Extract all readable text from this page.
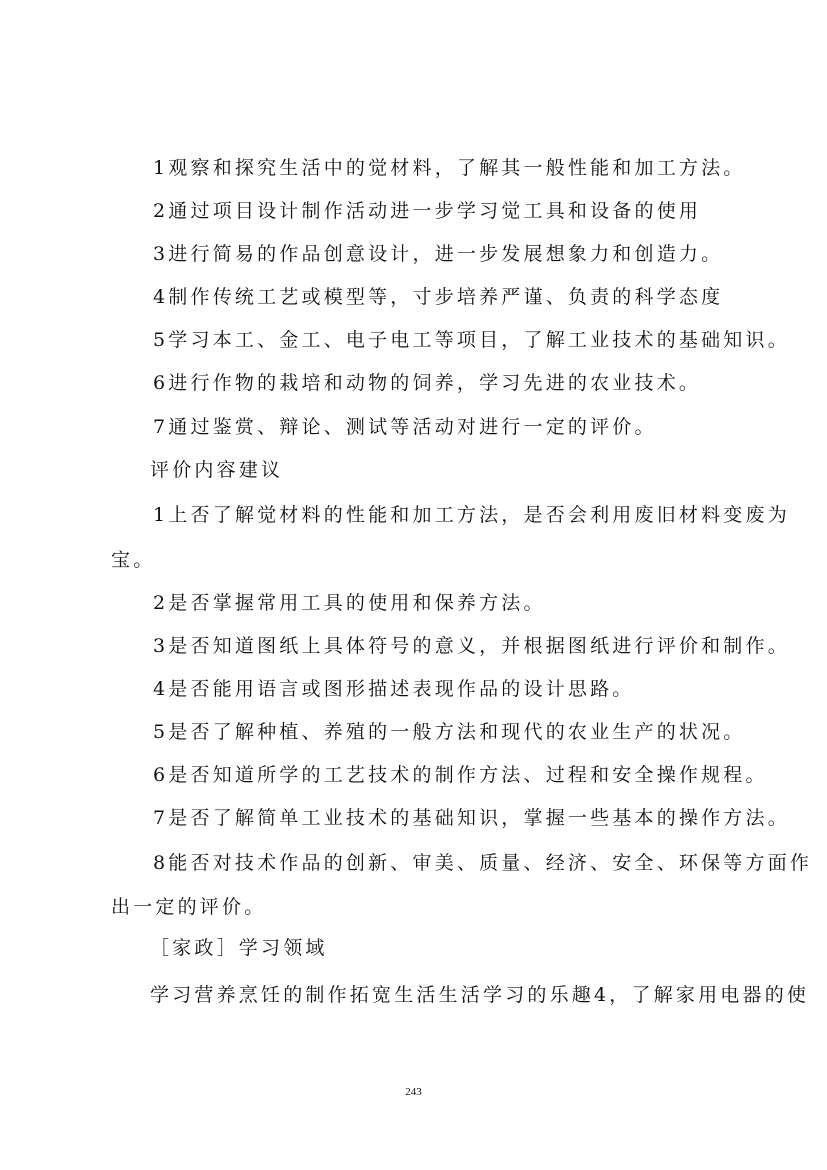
1观察和探究生活中的觉材料，了解其一般性能和加工方法。
2通过项目设计制作活动进一步学习觉工具和设备的使用
3进行简易的作品创意设计，进一步发展想象力和创造力。
4制作传统工艺或模型等，寸步培养严谨、负责的科学态度
5学习本工、金工、电子电工等项目，了解工业技术的基础知识。
6进行作物的栽培和动物的饲养，学习先进的农业技术。
7通过鉴赏、辩论、测试等活动对进行一定的评价。
评价内容建议
1上否了解觉材料的性能和加工方法，是否会利用废旧材料变废为
宝。
2是否掌握常用工具的使用和保养方法。
3是否知道图纸上具体符号的意义，并根据图纸进行评价和制作。
4是否能用语言或图形描述表现作品的设计思路。
5是否了解种植、养殖的一般方法和现代的农业生产的状况。
6是否知道所学的工艺技术的制作方法、过程和安全操作规程。
7是否了解简单工业技术的基础知识，掌握一些基本的操作方法。
8能否对技术作品的创新、审美、质量、经济、安全、环保等方面作
出一定的评价。
［家政］学习领域
学习营养烹饪的制作拓宽生活生活学习的乐趣4，了解家用电器的使
243
